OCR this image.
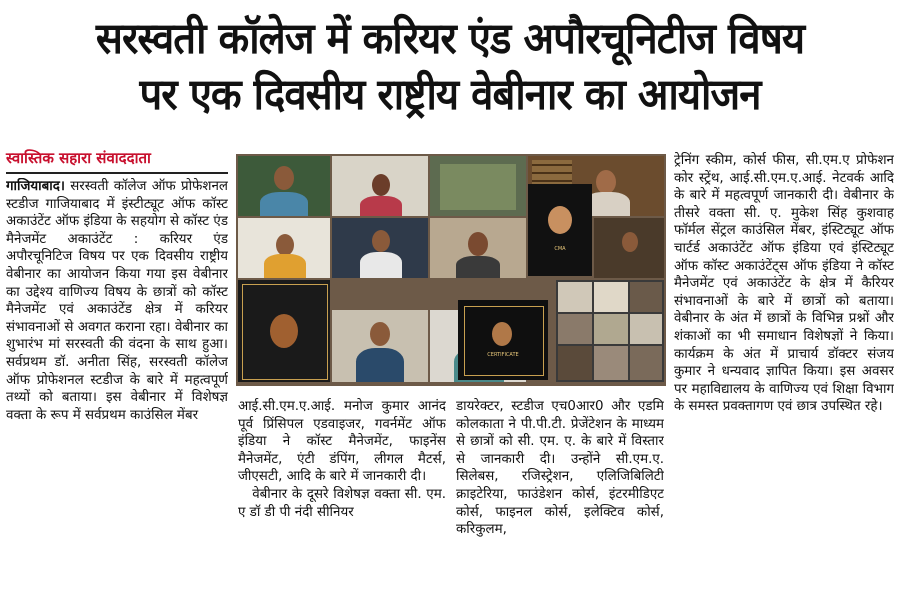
सरस्वती कॉलेज में करियर एंड अपौरचूनिटीज विषय
पर एक दिवसीय राष्ट्रीय वेबीनार का आयोजन
स्वास्तिक सहारा संवाददाता
गाजियाबाद। सरस्वती कॉलेज ऑफ प्रोफेशनल स्टडीज गाजियाबाद में इंस्टीट्यूट ऑफ कॉस्ट अकाउंटेंट ऑफ इंडिया के सहयोग से कॉस्ट एंड मैनेजमेंट अकाउंटेंट : करियर एंड अपौरचूनिटिज विषय पर एक दिवसीय राष्ट्रीय वेबीनार का आयोजन किया गया इस वेबीनार का उद्देश्य वाणिज्य विषय के छात्रों को कॉस्ट मैनेजमेंट एवं अकाउंटेंड क्षेत्र में करियर संभावनाओं से अवगत कराना रहा। वेबीनार का शुभारंभ मां सरस्वती की वंदना के साथ हुआ। सर्वप्रथम डॉ. अनीता सिंह, सरस्वती कॉलेज ऑफ प्रोफेशनल स्टडीज के बारे में महत्वपूर्ण तथ्यों को बताया। इस वेबीनार में विशेषज्ञ वक्ता के रूप में सर्वप्रथम काउंसिल मेंबर
CMA
CERTIFICATE
आई.सी.एम.ए.आई. मनोज कुमार आनंद पूर्व प्रिंसिपल एडवाइजर, गवर्नमेंट ऑफ इंडिया ने कॉस्ट मैनेजमेंट, फाइनेंस मैनेजमेंट, एंटी डंपिंग, लीगल मैटर्स, जीएसटी, आदि के बारे में जानकारी दी।
वेबीनार के दूसरे विशेषज्ञ वक्ता सी. एम. ए डॉ डी पी नंदी सीनियर
डायरेक्टर, स्टडीज एच0आर0 और एडमि कोलकाता ने पी.पी.टी. प्रेजेंटेशन के माध्यम से छात्रों को सी. एम. ए. के बारे में विस्तार से जानकारी दी। उन्होंने सी.एम.ए. सिलेबस, रजिस्ट्रेशन, एलिजिबिलिटी क्राइटेरिया, फाउंडेशन कोर्स, इंटरमीडिएट कोर्स, फाइनल कोर्स, इलेक्टिव कोर्स, करिकुलम,
ट्रेनिंग स्कीम, कोर्स फीस, सी.एम.ए प्रोफेशन कोर स्ट्रेंथ, आई.सी.एम.ए.आई. नेटवर्क आदि के बारे में महत्वपूर्ण जानकारी दी। वेबीनार के तीसरे वक्ता सी. ए. मुकेश सिंह कुशवाह फॉर्मल सेंट्रल काउंसिल मेंबर, इंस्टिट्यूट ऑफ चार्टर्ड अकाउंटेंट ऑफ इंडिया एवं इंस्टिट्यूट ऑफ कॉस्ट अकाउंटेंट्स ऑफ इंडिया ने कॉस्ट मैनेजमेंट एवं अकाउंटेंट के क्षेत्र में कैरियर संभावनाओं के बारे में छात्रों को बताया। वेबीनार के अंत में छात्रों के विभिन्न प्रश्नों और शंकाओं का भी समाधान विशेषज्ञों ने किया। कार्यक्रम के अंत में प्राचार्य डॉक्टर संजय कुमार ने धन्यवाद ज्ञापित किया। इस अवसर पर महाविद्यालय के वाणिज्य एवं शिक्षा विभाग के समस्त प्रवक्तागण एवं छात्र उपस्थित रहे।
